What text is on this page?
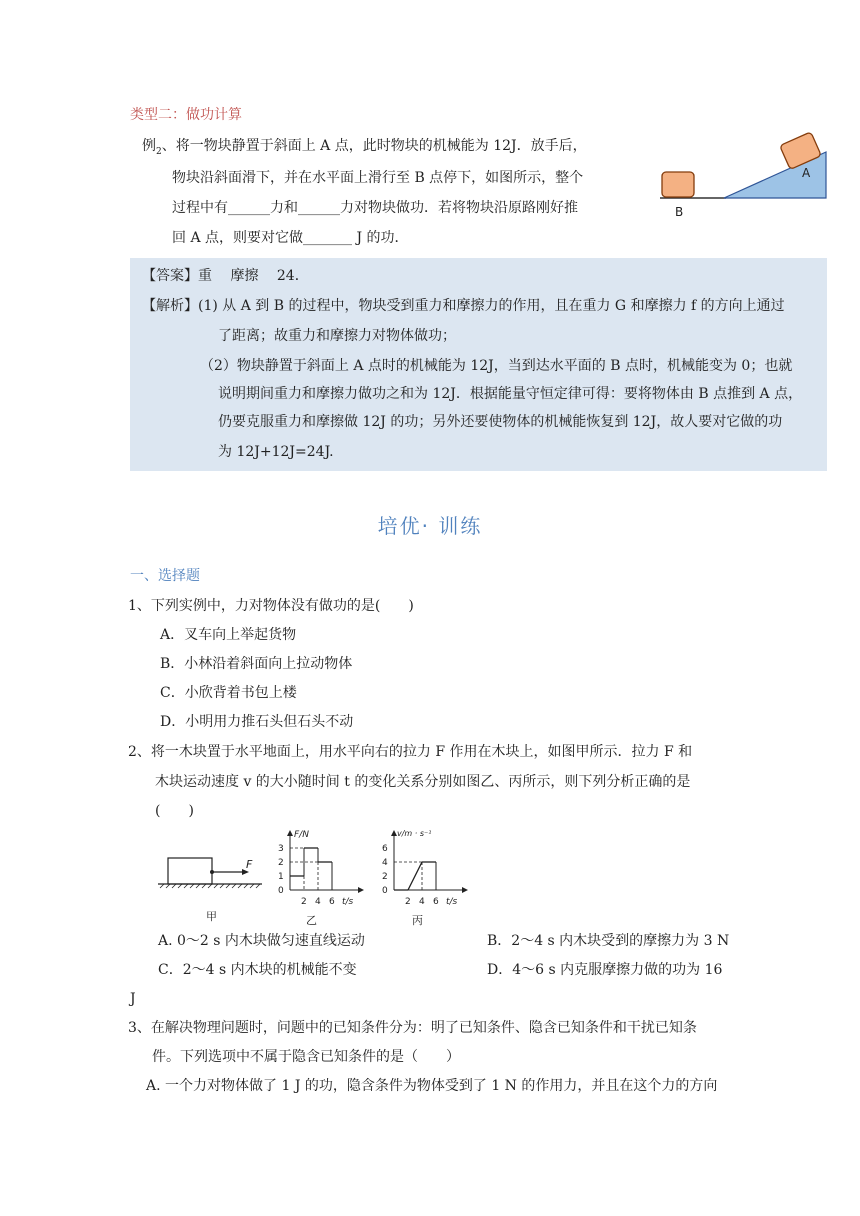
类型二：做功计算
例$_2$、将一物块静置于斜面上 A 点，此时物块的机械能为 12J．放手后，
物块沿斜面滑下，并在水平面上滑行至 B 点停下，如图所示，整个
过程中有______力和______力对物块做功．若将物块沿原路刚好推
回 A 点，则要对它做_______ J 的功．
A
B
【答案】重　 摩擦　 24．
【解析】(1) 从 A 到 B 的过程中，物块受到重力和摩擦力的作用，且在重力 G 和摩擦力 f 的方向上通过
了距离；故重力和摩擦力对物体做功；
（2）物块静置于斜面上 A 点时的机械能为 12J，当到达水平面的 B 点时，机械能变为 0；也就
说明期间重力和摩擦力做功之和为 12J．根据能量守恒定律可得：要将物体由 B 点推到 A 点，
仍要克服重力和摩擦做 12J 的功；另外还要使物体的机械能恢复到 12J，故人要对它做的功
为 12J+12J=24J.
培优· 训练
一、选择题
1、下列实例中，力对物体没有做功的是(　　)
A．叉车向上举起货物
B．小林沿着斜面向上拉动物体
C．小欣背着书包上楼
D．小明用力推石头但石头不动
2、将一木块置于水平地面上，用水平向右的拉力 F 作用在木块上，如图甲所示．拉力 F 和
木块运动速度 v 的大小随时间 t 的变化关系分别如图乙、丙所示，则下列分析正确的是
(　　)
F
甲
F/N
3
2
1
0
2 4 6 t/s
乙
v/m · s⁻¹
6
4
2
0
2 4 6 t/s
丙
A. 0～2 s 内木块做匀速直线运动	B．2～4 s 内木块受到的摩擦力为 3 N
C．2～4 s 内木块的机械能不变	D．4～6 s 内克服摩擦力做的功为 16
J
3、在解决物理问题时，问题中的已知条件分为：明了已知条件、隐含已知条件和干扰已知条
件。下列选项中不属于隐含已知条件的是（　　）
A. 一个力对物体做了 1 J 的功，隐含条件为物体受到了 1 N 的作用力，并且在这个力的方向
